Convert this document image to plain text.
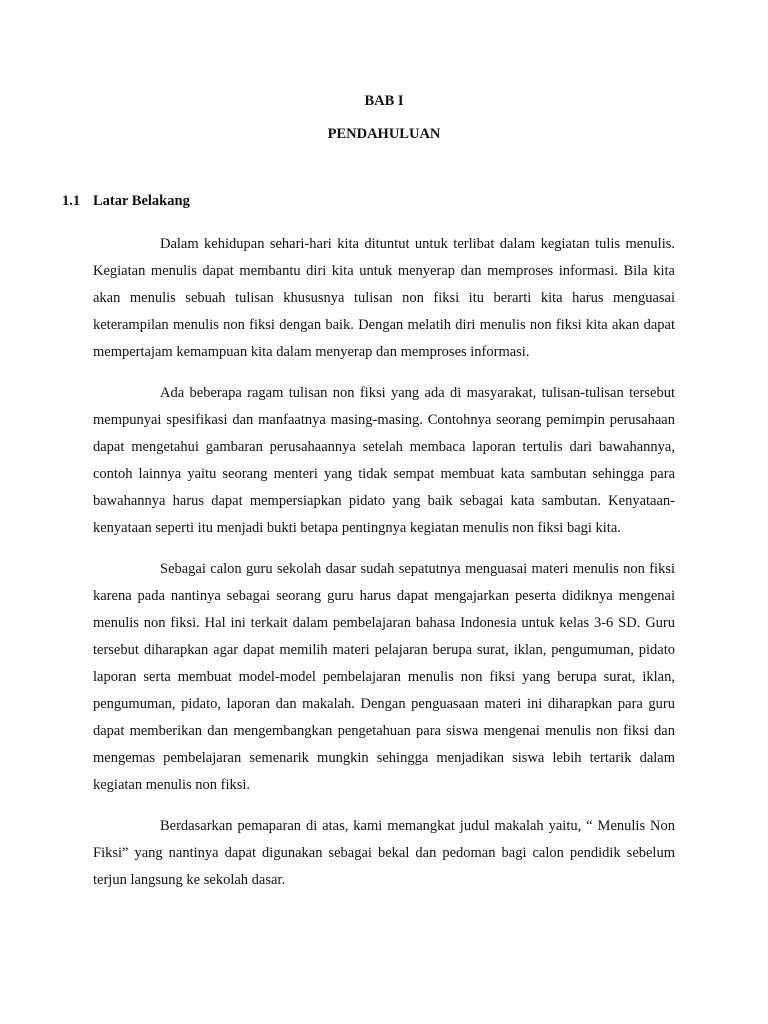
BAB I
PENDAHULUAN
1.1 Latar Belakang

Dalam kehidupan sehari-hari kita dituntut untuk terlibat dalam kegiatan tulis menulis. Kegiatan menulis dapat membantu diri kita untuk menyerap dan memproses informasi. Bila kita akan menulis sebuah tulisan khususnya tulisan non fiksi itu berarti kita harus menguasai keterampilan menulis non fiksi dengan baik. Dengan melatih diri menulis non fiksi kita akan dapat mempertajam kemampuan kita dalam menyerap dan memproses informasi.

Ada beberapa ragam tulisan non fiksi yang ada di masyarakat, tulisan-tulisan tersebut mempunyai spesifikasi dan manfaatnya masing-masing. Contohnya seorang pemimpin perusahaan dapat mengetahui gambaran perusahaannya setelah membaca laporan tertulis dari bawahannya, contoh lainnya yaitu seorang menteri yang tidak sempat membuat kata sambutan sehingga para bawahannya harus dapat mempersiapkan pidato yang baik sebagai kata sambutan. Kenyataan-kenyataan seperti itu menjadi bukti betapa pentingnya kegiatan menulis non fiksi bagi kita.

Sebagai calon guru sekolah dasar sudah sepatutnya menguasai materi menulis non fiksi karena pada nantinya sebagai seorang guru harus dapat mengajarkan peserta didiknya mengenai menulis non fiksi. Hal ini terkait dalam pembelajaran bahasa Indonesia untuk kelas 3-6 SD. Guru tersebut diharapkan agar dapat memilih materi pelajaran berupa surat, iklan, pengumuman, pidato laporan serta membuat model-model pembelajaran menulis non fiksi yang berupa surat, iklan, pengumuman, pidato, laporan dan makalah. Dengan penguasaan materi ini diharapkan para guru dapat memberikan dan mengembangkan pengetahuan para siswa mengenai menulis non fiksi dan mengemas pembelajaran semenarik mungkin sehingga menjadikan siswa lebih tertarik dalam kegiatan menulis non fiksi.

Berdasarkan pemaparan di atas, kami memangkat judul makalah yaitu, “ Menulis Non Fiksi” yang nantinya dapat digunakan sebagai bekal dan pedoman bagi calon pendidik sebelum terjun langsung ke sekolah dasar.
